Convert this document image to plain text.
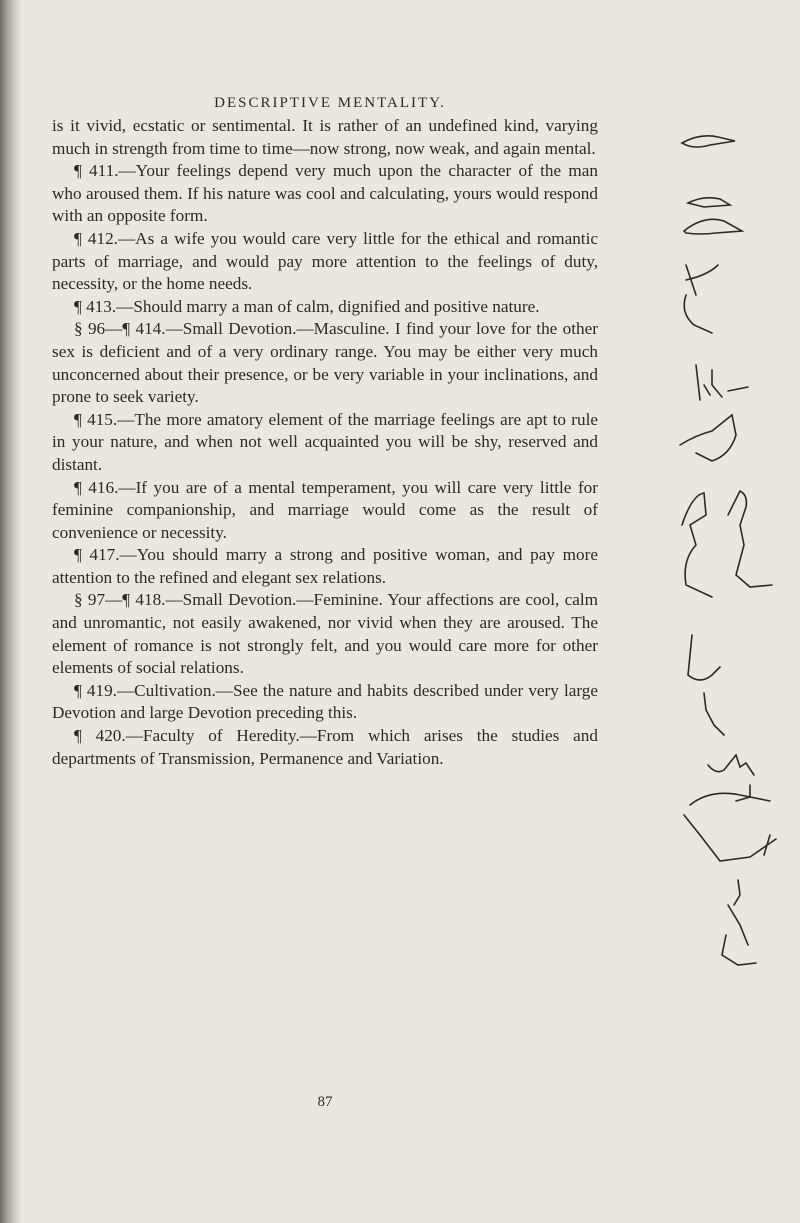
DESCRIPTIVE MENTALITY.

is it vivid, ecstatic or sentimental. It is rather of an undefined kind, varying much in strength from time to time—now strong, now weak, and again mental.

¶ 411.—Your feelings depend very much upon the character of the man who aroused them. If his nature was cool and calculating, yours would respond with an opposite form.

¶ 412.—As a wife you would care very little for the ethical and romantic parts of marriage, and would pay more attention to the feelings of duty, necessity, or the home needs.

¶ 413.—Should marry a man of calm, dignified and positive nature.

§ 96—¶ 414.—Small Devotion.—Masculine. I find your love for the other sex is deficient and of a very ordinary range. You may be either very much unconcerned about their presence, or be very variable in your inclinations, and prone to seek variety.

¶ 415.—The more amatory element of the marriage feelings are apt to rule in your nature, and when not well acquainted you will be shy, reserved and distant.

¶ 416.—If you are of a mental temperament, you will care very little for feminine companionship, and marriage would come as the result of convenience or necessity.

¶ 417.—You should marry a strong and positive woman, and pay more attention to the refined and elegant sex relations.

§ 97—¶ 418.—Small Devotion.—Feminine. Your affections are cool, calm and unromantic, not easily awakened, nor vivid when they are aroused. The element of romance is not strongly felt, and you would care more for other elements of social relations.

¶ 419.—Cultivation.—See the nature and habits described under very large Devotion and large Devotion preceding this.

¶ 420.—Faculty of Heredity.—From which arises the studies and departments of Transmission, Permanence and Variation.

87
